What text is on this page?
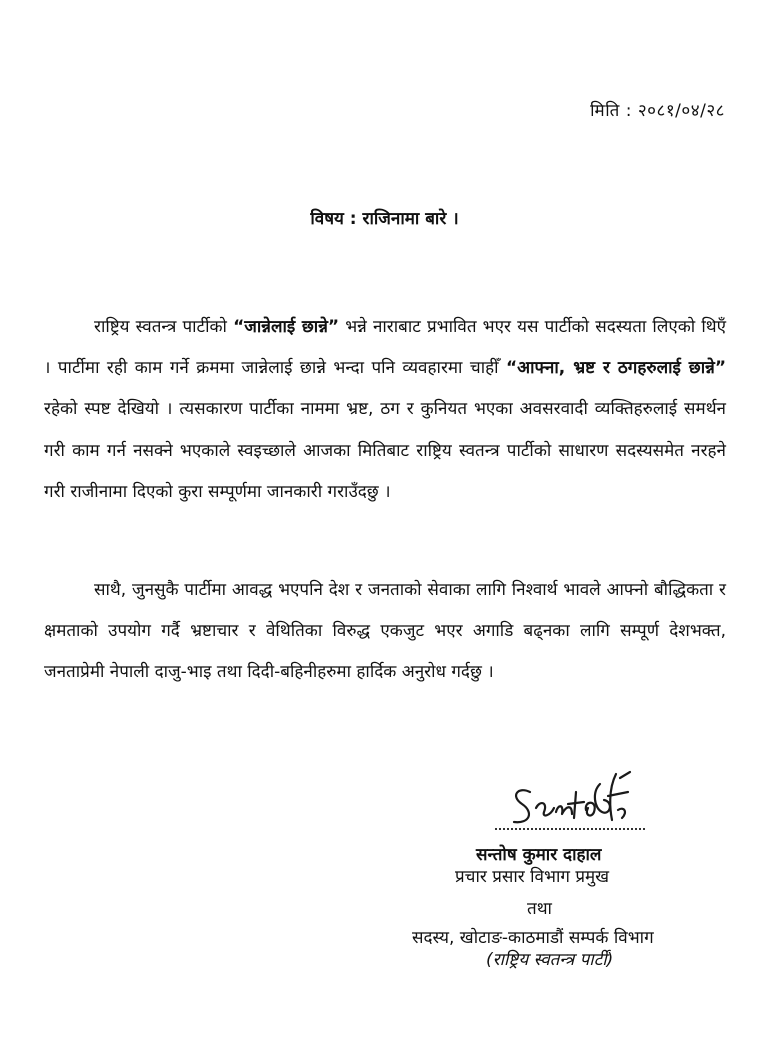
मिति : २०८१/०४/२८
विषय : राजिनामा बारे ।

राष्ट्रिय स्वतन्त्र पार्टीको “जान्नेलाई छान्ने” भन्ने नाराबाट प्रभावित भएर यस पार्टीको सदस्यता लिएको थिएँ । पार्टीमा रही काम गर्ने क्रममा जान्नेलाई छान्ने भन्दा पनि व्यवहारमा चाहीँ “आफ्ना, भ्रष्ट र ठगहरुलाई छान्ने” रहेको स्पष्ट देखियो । त्यसकारण पार्टीका नाममा भ्रष्ट, ठग र कुनियत भएका अवसरवादी व्यक्तिहरुलाई समर्थन गरी काम गर्न नसक्ने भएकाले स्वइच्छाले आजका मितिबाट राष्ट्रिय स्वतन्त्र पार्टीको साधारण सदस्यसमेत नरहने गरी राजीनामा दिएको कुरा सम्पूर्णमा जानकारी गराउँदछु ।

साथै, जुनसुकै पार्टीमा आवद्ध भएपनि देश र जनताको सेवाका लागि निश्वार्थ भावले आफ्नो बौद्धिकता र क्षमताको उपयोग गर्दै भ्रष्टाचार र वेथितिका विरुद्ध एकजुट भएर अगाडि बढ्नका लागि सम्पूर्ण देशभक्त, जनताप्रेमी नेपाली दाजु-भाइ तथा दिदी-बहिनीहरुमा हार्दिक अनुरोध गर्दछु ।

सन्तोष कुमार दाहाल
प्रचार प्रसार विभाग प्रमुख
तथा
सदस्य, खोटाङ-काठमाडौं सम्पर्क विभाग
(राष्ट्रिय स्वतन्त्र पार्टी)
